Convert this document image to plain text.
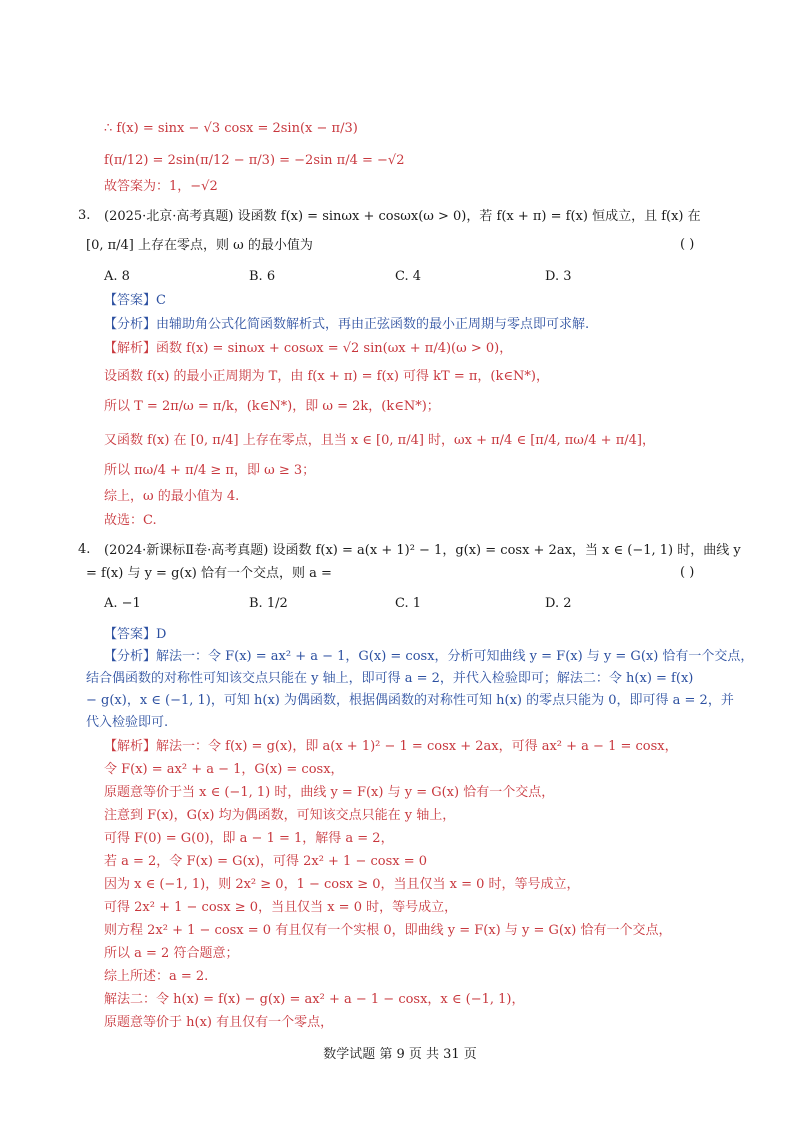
∴ f(x) = sinx − √3 cosx = 2sin(x − π/3)
f(π/12) = 2sin(π/12 − π/3) = −2sin π/4 = −√2
故答案为：1，−√2
3. (2025·北京·高考真题) 设函数 f(x) = sinωx + cosωx(ω > 0)，若 f(x + π) = f(x) 恒成立，且 f(x) 在
[0, π/4] 上存在零点，则 ω 的最小值为	( )
A. 8	B. 6	C. 4	D. 3
【答案】C
【分析】由辅助角公式化简函数解析式，再由正弦函数的最小正周期与零点即可求解.
【解析】函数 f(x) = sinωx + cosωx = √2 sin(ωx + π/4)(ω > 0)，
设函数 f(x) 的最小正周期为 T，由 f(x + π) = f(x) 可得 kT = π，(k∈N*)，
所以 T = 2π/ω = π/k，(k∈N*)，即 ω = 2k，(k∈N*)；
又函数 f(x) 在 [0, π/4] 上存在零点，且当 x ∈ [0, π/4] 时，ωx + π/4 ∈ [π/4, πω/4 + π/4]，
所以 πω/4 + π/4 ≥ π，即 ω ≥ 3；
综上，ω 的最小值为 4.
故选：C.
4. (2024·新课标Ⅱ卷·高考真题) 设函数 f(x) = a(x + 1)² − 1，g(x) = cosx + 2ax，当 x ∈ (−1, 1) 时，曲线 y
= f(x) 与 y = g(x) 恰有一个交点，则 a =	( )
A. −1	B. 1/2	C. 1	D. 2
【答案】D
【分析】解法一：令 F(x) = ax² + a − 1，G(x) = cosx，分析可知曲线 y = F(x) 与 y = G(x) 恰有一个交点，
结合偶函数的对称性可知该交点只能在 y 轴上，即可得 a = 2，并代入检验即可；解法二：令 h(x) = f(x)
− g(x)，x ∈ (−1, 1)，可知 h(x) 为偶函数，根据偶函数的对称性可知 h(x) 的零点只能为 0，即可得 a = 2，并
代入检验即可.
【解析】解法一：令 f(x) = g(x)，即 a(x + 1)² − 1 = cosx + 2ax，可得 ax² + a − 1 = cosx，
令 F(x) = ax² + a − 1，G(x) = cosx，
原题意等价于当 x ∈ (−1, 1) 时，曲线 y = F(x) 与 y = G(x) 恰有一个交点，
注意到 F(x)，G(x) 均为偶函数，可知该交点只能在 y 轴上，
可得 F(0) = G(0)，即 a − 1 = 1，解得 a = 2，
若 a = 2，令 F(x) = G(x)，可得 2x² + 1 − cosx = 0
因为 x ∈ (−1, 1)，则 2x² ≥ 0，1 − cosx ≥ 0，当且仅当 x = 0 时，等号成立，
可得 2x² + 1 − cosx ≥ 0，当且仅当 x = 0 时，等号成立，
则方程 2x² + 1 − cosx = 0 有且仅有一个实根 0，即曲线 y = F(x) 与 y = G(x) 恰有一个交点，
所以 a = 2 符合题意；
综上所述：a = 2.
解法二：令 h(x) = f(x) − g(x) = ax² + a − 1 − cosx，x ∈ (−1, 1)，
原题意等价于 h(x) 有且仅有一个零点，
数学试题 第 9 页 共 31 页
